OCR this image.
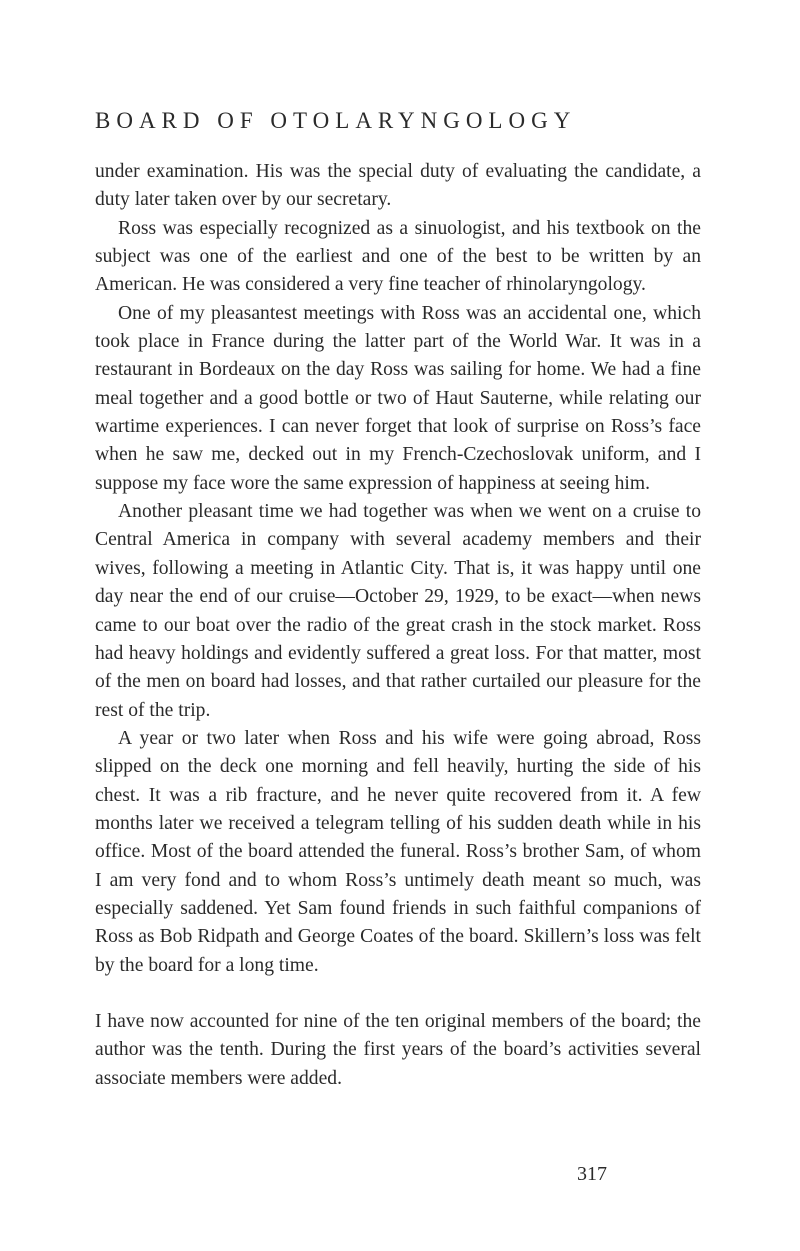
BOARD OF OTOLARYNGOLOGY

under examination. His was the special duty of evaluating the candidate, a duty later taken over by our secretary.

Ross was especially recognized as a sinuologist, and his textbook on the subject was one of the earliest and one of the best to be written by an American. He was considered a very fine teacher of rhinolaryngology.

One of my pleasantest meetings with Ross was an accidental one, which took place in France during the latter part of the World War. It was in a restaurant in Bordeaux on the day Ross was sailing for home. We had a fine meal together and a good bottle or two of Haut Sauterne, while relating our wartime experiences. I can never forget that look of surprise on Ross’s face when he saw me, decked out in my French-Czechoslovak uniform, and I suppose my face wore the same expression of happiness at seeing him.

Another pleasant time we had together was when we went on a cruise to Central America in company with several academy members and their wives, following a meeting in Atlantic City. That is, it was happy until one day near the end of our cruise—October 29, 1929, to be exact—when news came to our boat over the radio of the great crash in the stock market. Ross had heavy holdings and evidently suffered a great loss. For that matter, most of the men on board had losses, and that rather curtailed our pleasure for the rest of the trip.

A year or two later when Ross and his wife were going abroad, Ross slipped on the deck one morning and fell heavily, hurting the side of his chest. It was a rib fracture, and he never quite recovered from it. A few months later we received a telegram telling of his sudden death while in his office. Most of the board attended the funeral. Ross’s brother Sam, of whom I am very fond and to whom Ross’s untimely death meant so much, was especially saddened. Yet Sam found friends in such faithful companions of Ross as Bob Ridpath and George Coates of the board. Skillern’s loss was felt by the board for a long time.

I have now accounted for nine of the ten original members of the board; the author was the tenth. During the first years of the board’s activities several associate members were added.

317
